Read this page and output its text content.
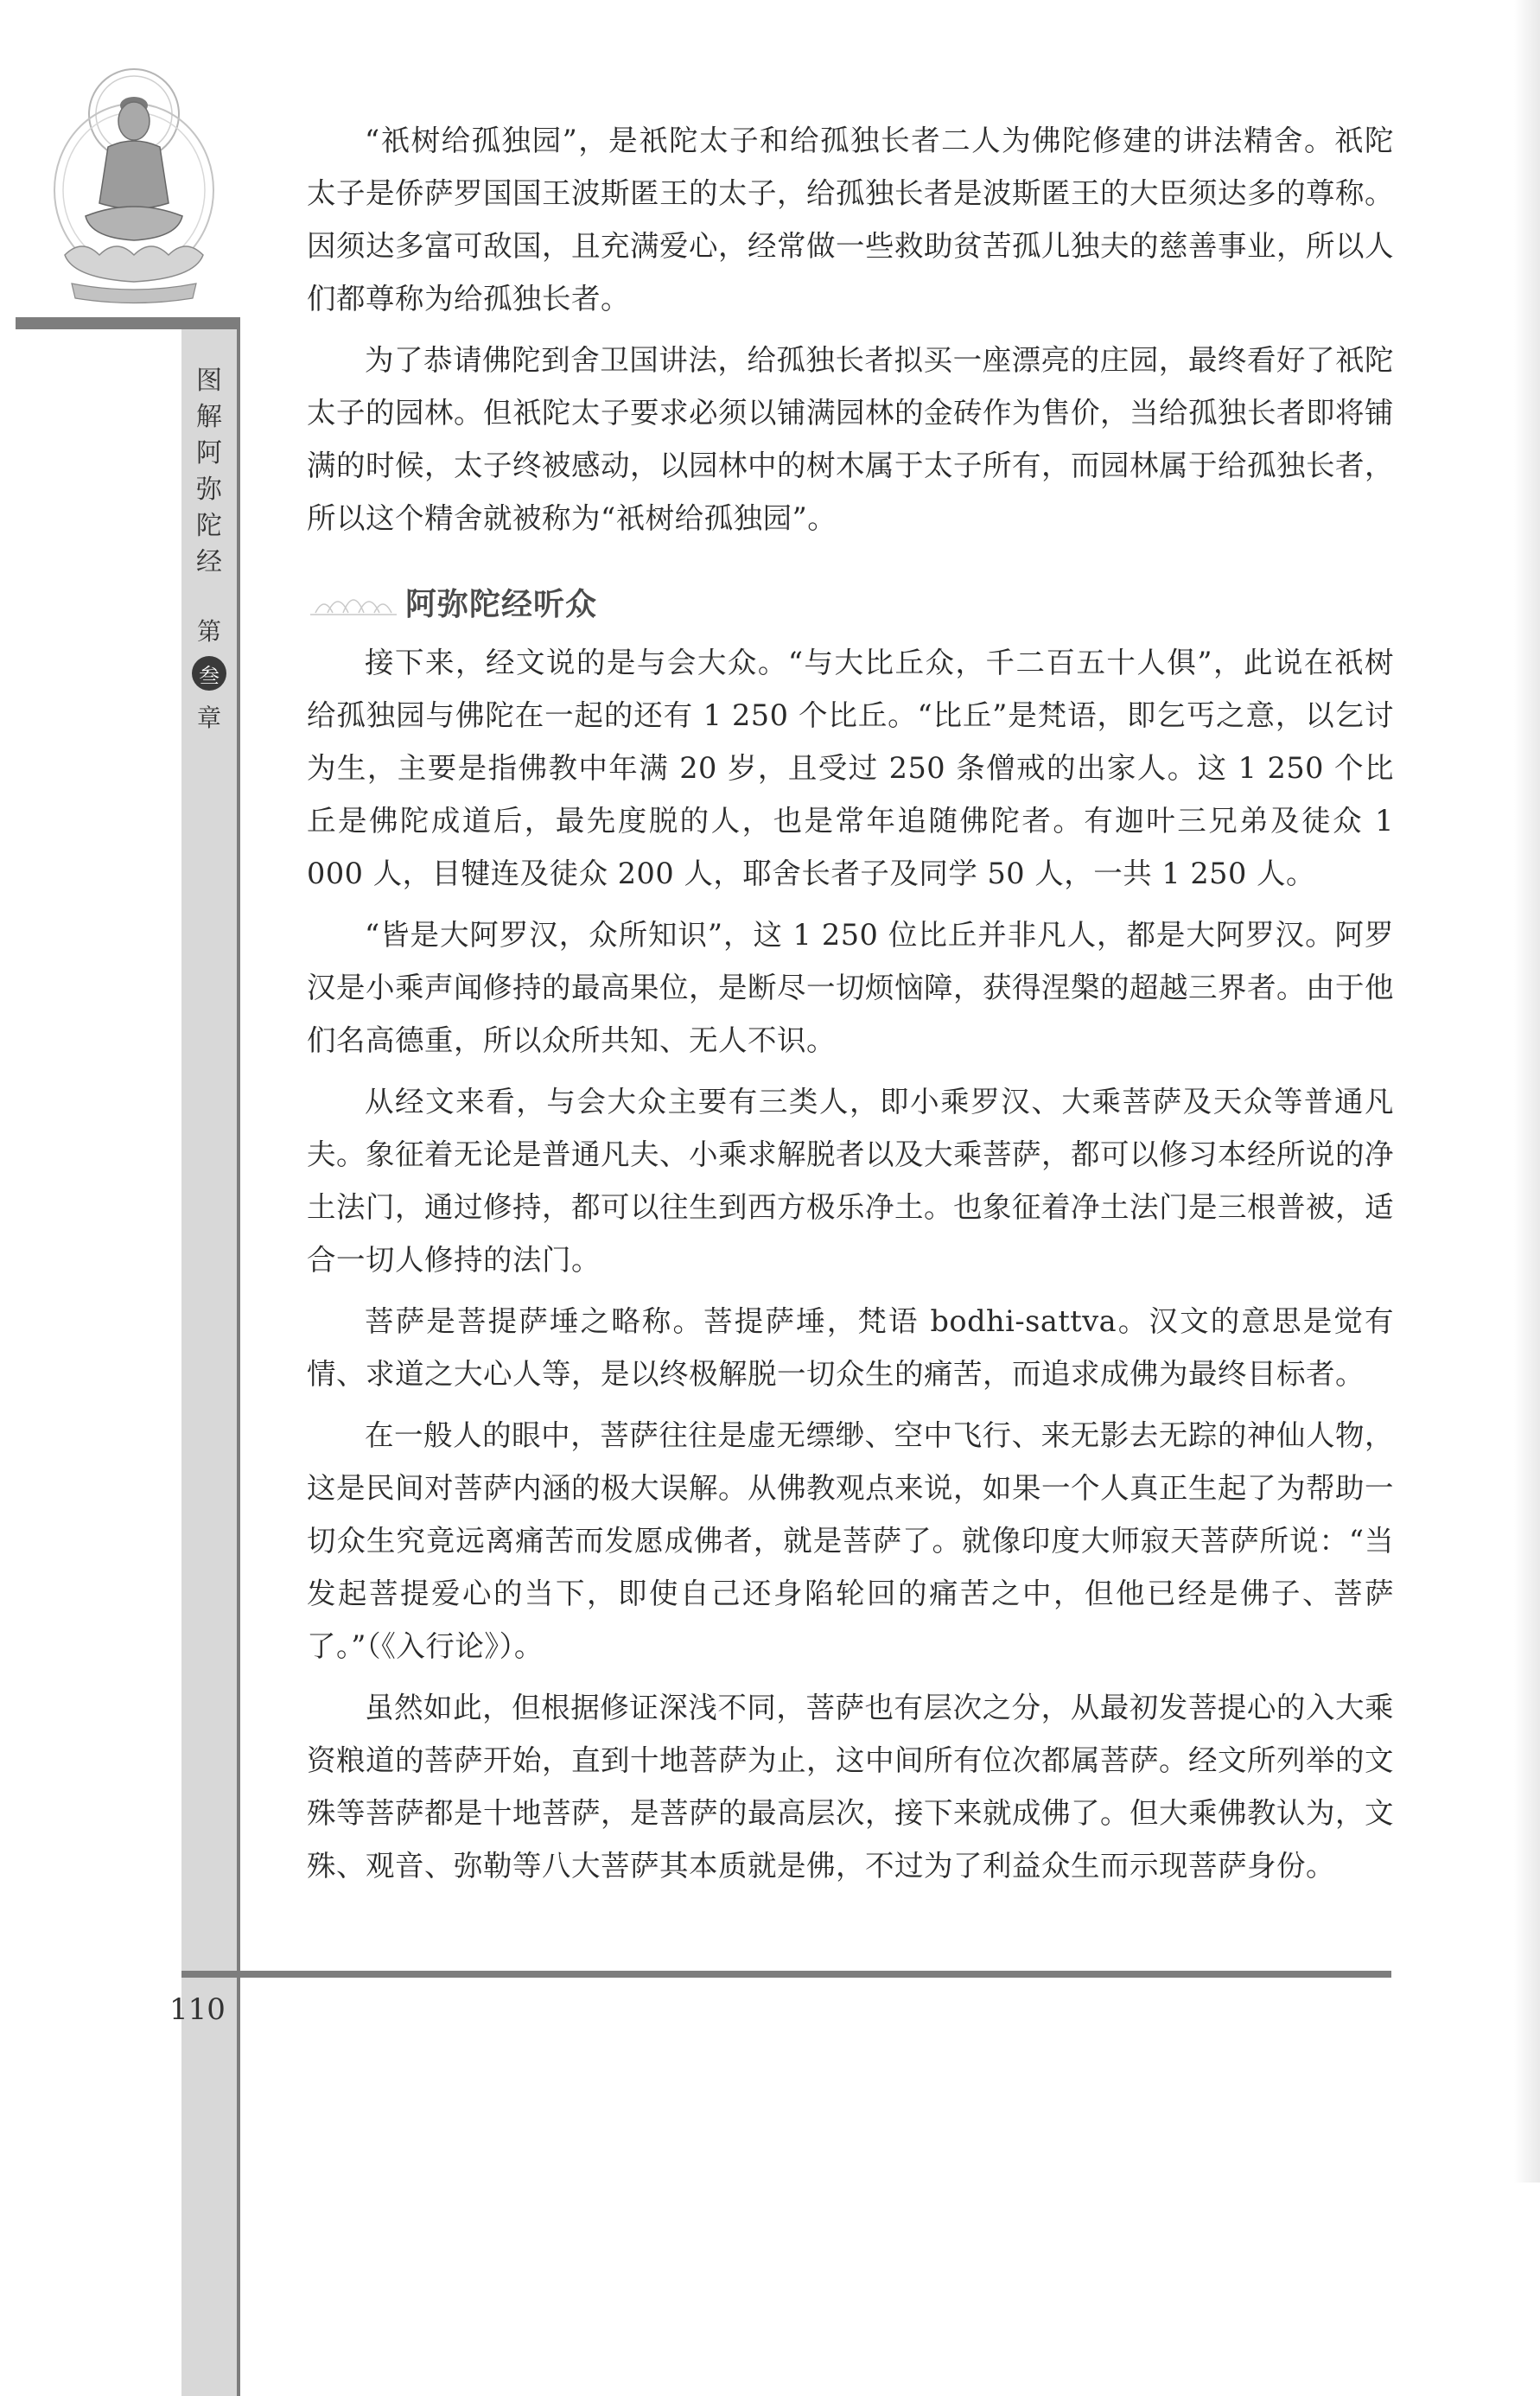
图
解
阿
弥
陀
经
第
叁
章

“祇树给孤独园”，是祇陀太子和给孤独长者二人为佛陀修建的讲法精舍。祇陀太子是侨萨罗国国王波斯匿王的太子，给孤独长者是波斯匿王的大臣须达多的尊称。因须达多富可敌国，且充满爱心，经常做一些救助贫苦孤儿独夫的慈善事业，所以人们都尊称为给孤独长者。

为了恭请佛陀到舍卫国讲法，给孤独长者拟买一座漂亮的庄园，最终看好了祇陀太子的园林。但祇陀太子要求必须以铺满园林的金砖作为售价，当给孤独长者即将铺满的时候，太子终被感动，以园林中的树木属于太子所有，而园林属于给孤独长者，所以这个精舍就被称为“祇树给孤独园”。

阿弥陀经听众

接下来，经文说的是与会大众。“与大比丘众，千二百五十人俱”，此说在祇树给孤独园与佛陀在一起的还有 1 250 个比丘。“比丘”是梵语，即乞丐之意，以乞讨为生，主要是指佛教中年满 20 岁，且受过 250 条僧戒的出家人。这 1 250 个比丘是佛陀成道后，最先度脱的人，也是常年追随佛陀者。有迦叶三兄弟及徒众 1 000 人，目犍连及徒众 200 人，耶舍长者子及同学 50 人，一共 1 250 人。

“皆是大阿罗汉，众所知识”，这 1 250 位比丘并非凡人，都是大阿罗汉。阿罗汉是小乘声闻修持的最高果位，是断尽一切烦恼障，获得涅槃的超越三界者。由于他们名高德重，所以众所共知、无人不识。

从经文来看，与会大众主要有三类人，即小乘罗汉、大乘菩萨及天众等普通凡夫。象征着无论是普通凡夫、小乘求解脱者以及大乘菩萨，都可以修习本经所说的净土法门，通过修持，都可以往生到西方极乐净土。也象征着净土法门是三根普被，适合一切人修持的法门。

菩萨是菩提萨埵之略称。菩提萨埵，梵语 bodhi-sattva。汉文的意思是觉有情、求道之大心人等，是以终极解脱一切众生的痛苦，而追求成佛为最终目标者。

在一般人的眼中，菩萨往往是虚无缥缈、空中飞行、来无影去无踪的神仙人物，这是民间对菩萨内涵的极大误解。从佛教观点来说，如果一个人真正生起了为帮助一切众生究竟远离痛苦而发愿成佛者，就是菩萨了。就像印度大师寂天菩萨所说：“当发起菩提爱心的当下，即使自己还身陷轮回的痛苦之中，但他已经是佛子、菩萨了。”（《入行论》）。

虽然如此，但根据修证深浅不同，菩萨也有层次之分，从最初发菩提心的入大乘资粮道的菩萨开始，直到十地菩萨为止，这中间所有位次都属菩萨。经文所列举的文殊等菩萨都是十地菩萨，是菩萨的最高层次，接下来就成佛了。但大乘佛教认为，文殊、观音、弥勒等八大菩萨其本质就是佛，不过为了利益众生而示现菩萨身份。

110
